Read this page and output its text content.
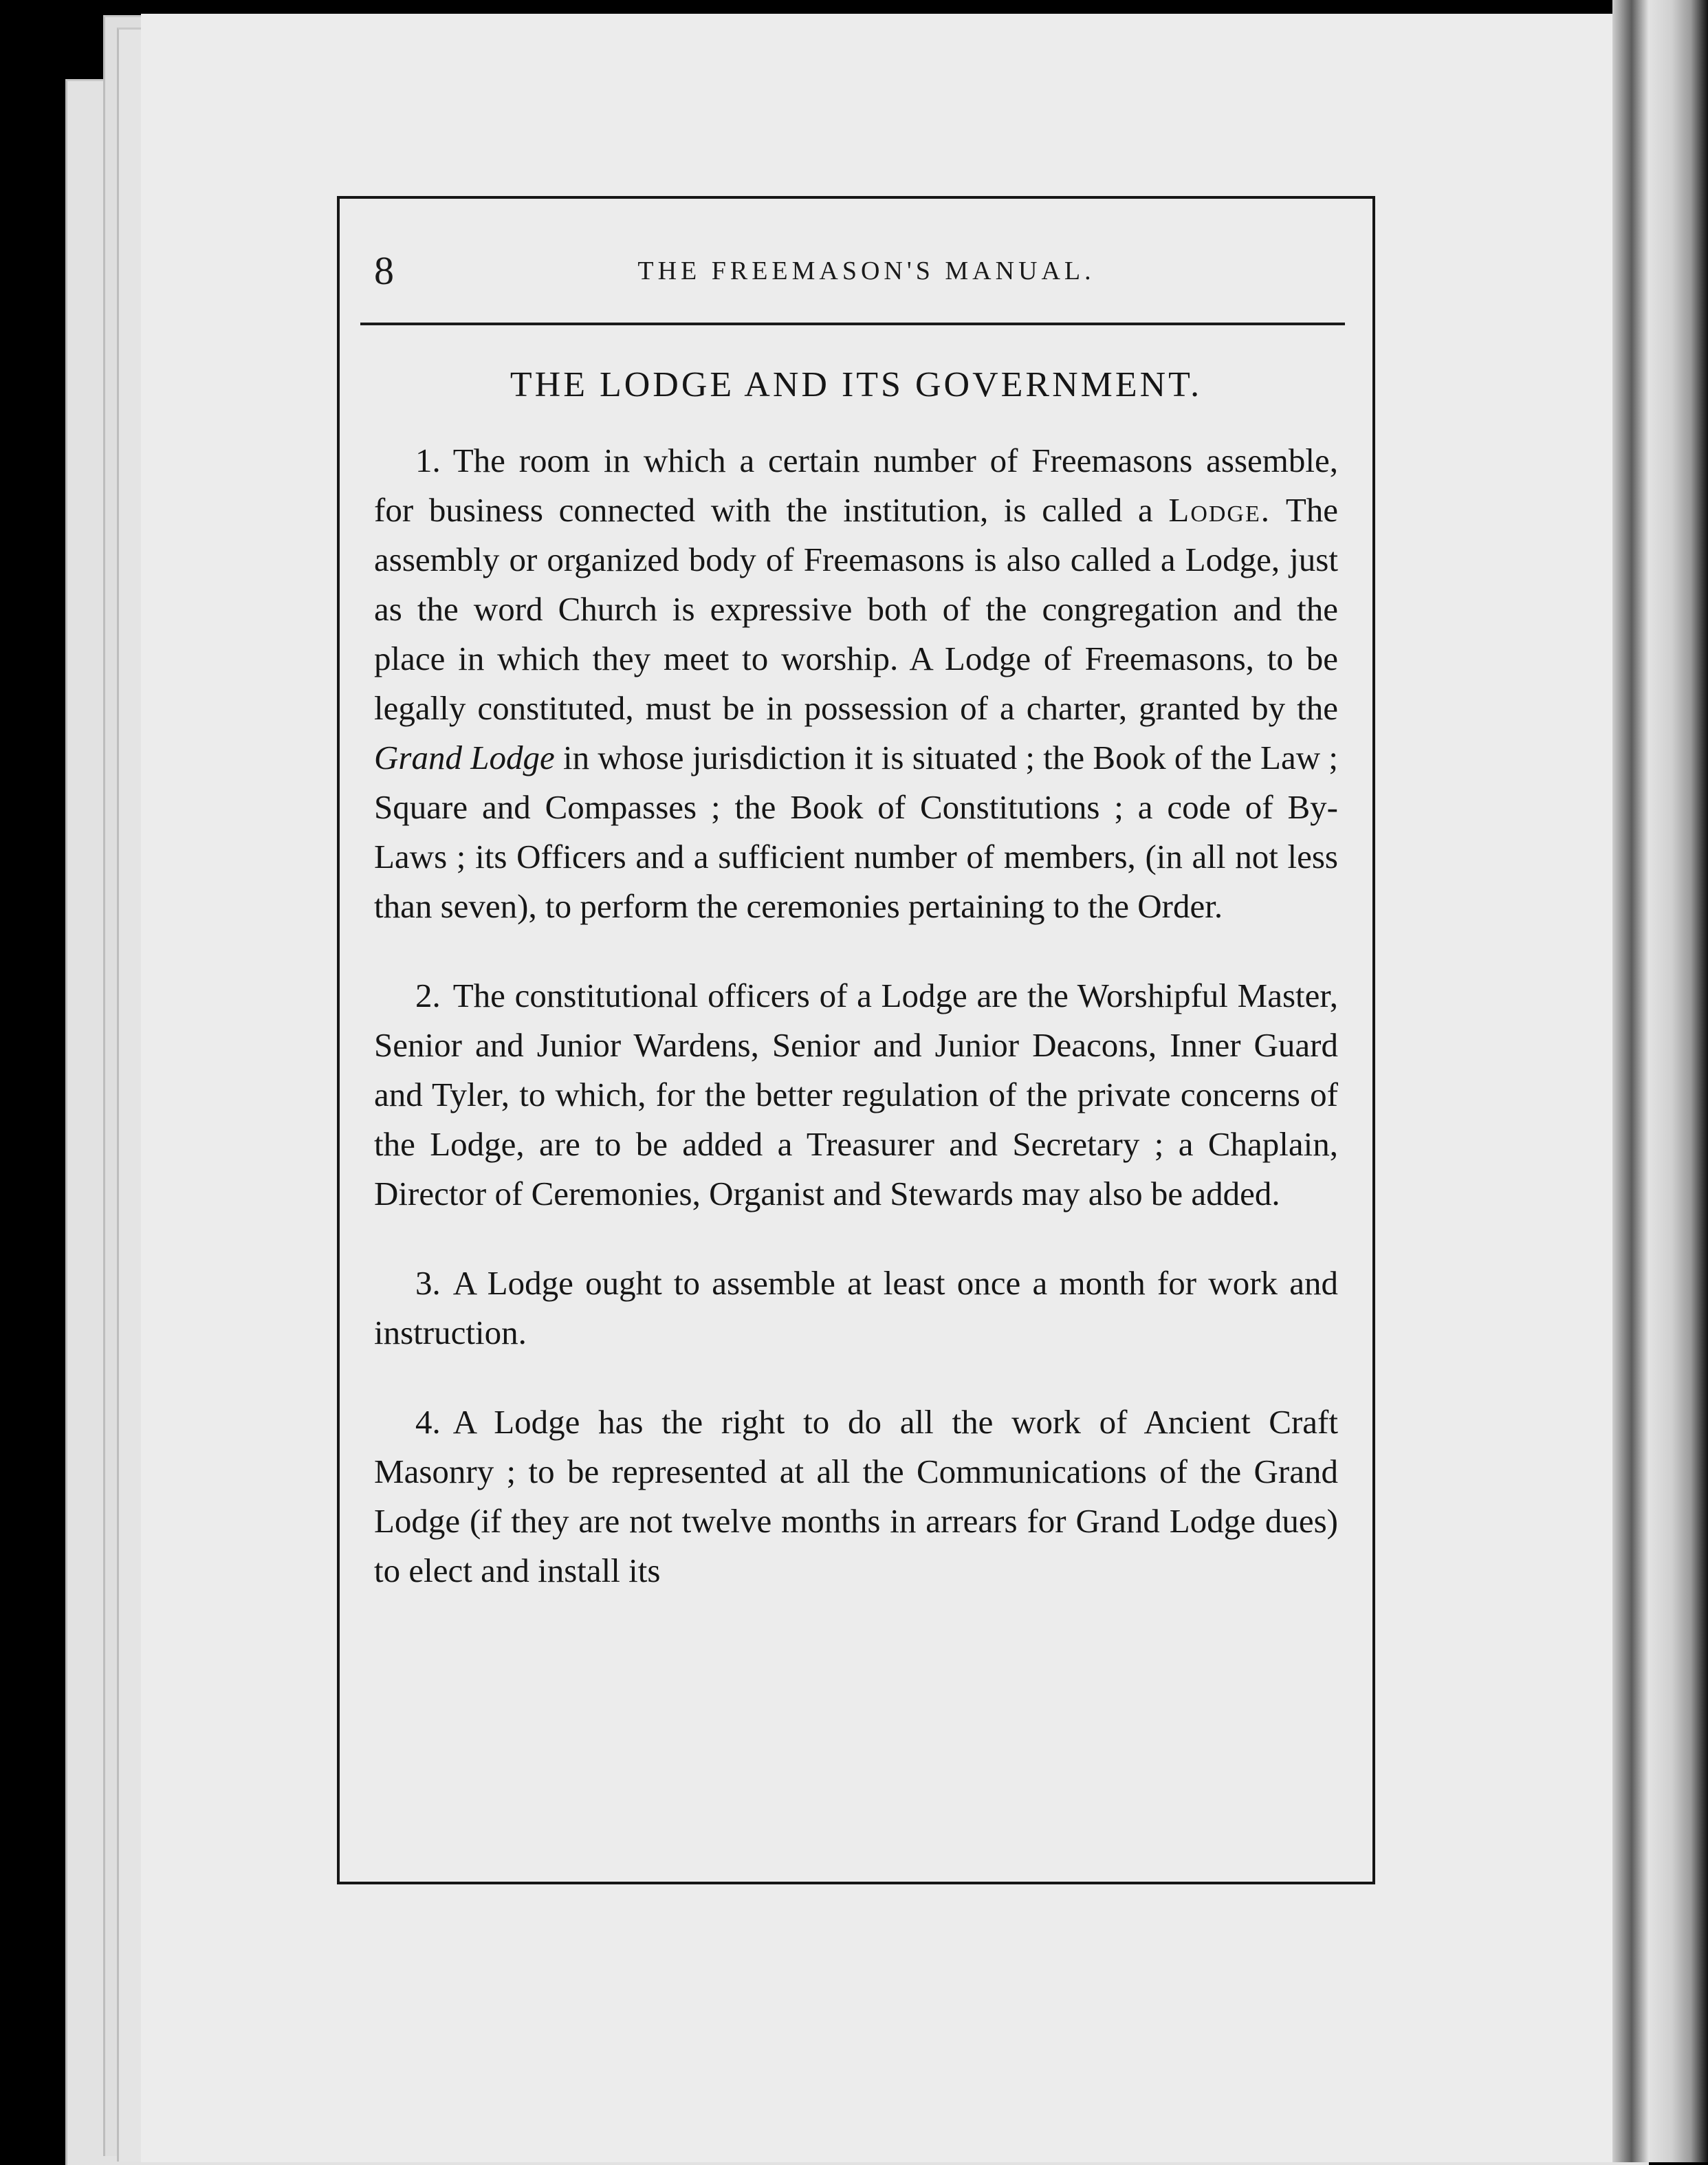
8	THE FREEMASON'S MANUAL.
THE LODGE AND ITS GOVERNMENT.

1. The room in which a certain number of Freemasons assemble, for business connected with the institution, is called a Lodge. The assembly or organized body of Freemasons is also called a Lodge, just as the word Church is expressive both of the congregation and the place in which they meet to worship. A Lodge of Freemasons, to be legally constituted, must be in possession of a charter, granted by the Grand Lodge in whose jurisdiction it is situated ; the Book of the Law ; Square and Compasses ; the Book of Constitutions ; a code of By-Laws ; its Officers and a sufficient number of members, (in all not less than seven), to perform the ceremonies pertaining to the Order.

2. The constitutional officers of a Lodge are the Worshipful Master, Senior and Junior Wardens, Senior and Junior Deacons, Inner Guard and Tyler, to which, for the better regulation of the private concerns of the Lodge, are to be added a Treasurer and Secretary ; a Chaplain, Director of Ceremonies, Organist and Stewards may also be added.

3. A Lodge ought to assemble at least once a month for work and instruction.

4. A Lodge has the right to do all the work of Ancient Craft Masonry ; to be represented at all the Communications of the Grand Lodge (if they are not twelve months in arrears for Grand Lodge dues) to elect and install its
